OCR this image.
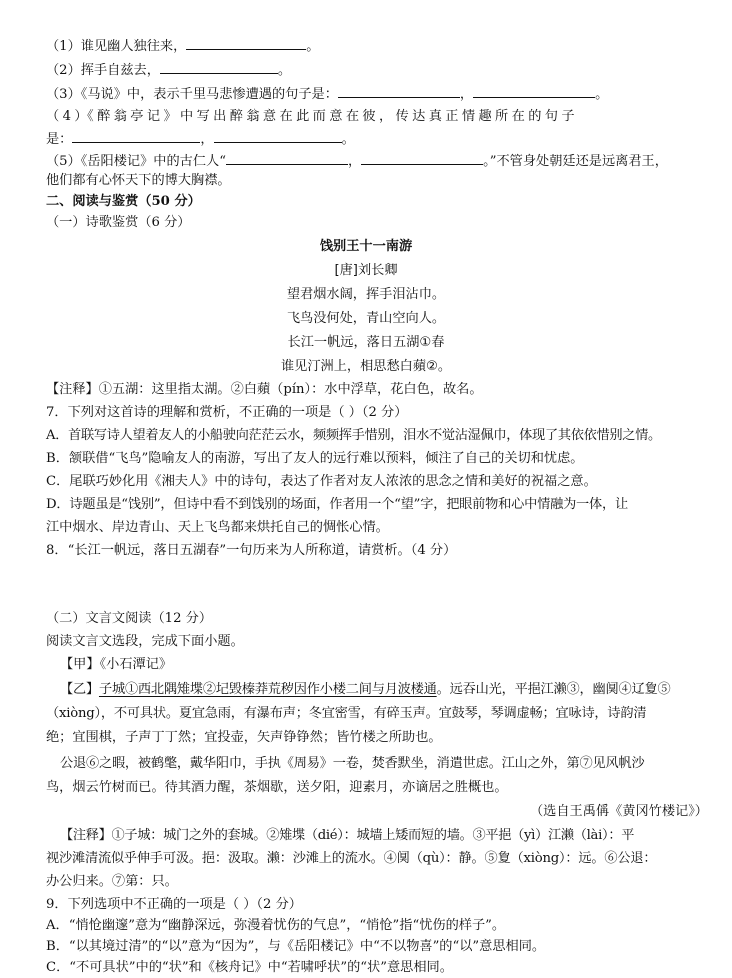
（1）谁见幽人独往来，	。
（2）挥手自兹去，	。
（3）《马说》中，表示千里马悲惨遭遇的句子是：	，	。
（ 4 ）《 醉 翁 亭 记 》 中 写 出 醉 翁 意 在 此 而 意 在 彼 ， 传 达 真 正 情 趣 所 在 的 句 子
是：	，	。
（5）《岳阳楼记》中的古仁人“	，	。”不管身处朝廷还是远离君王，
他们都有心怀天下的博大胸襟。
二、阅读与鉴赏（50 分）
（一）诗歌鉴赏（6 分）
饯别王十一南游
[唐]刘长卿
望君烟水阔，挥手泪沾巾。
飞鸟没何处，青山空向人。
长江一帆远，落日五湖①春
谁见汀洲上，相思愁白蘋②。
【注释】①五湖：这里指太湖。②白蘋（pín）：水中浮草，花白色，故名。
7．下列对这首诗的理解和赏析，不正确的一项是（ ）（2 分）
A．首联写诗人望着友人的小船驶向茫茫云水，频频挥手惜别，泪水不觉沾湿佩巾，体现了其依依惜别之情。
B．颔联借“飞鸟”隐喻友人的南游，写出了友人的远行难以预料，倾注了自己的关切和忧虑。
C．尾联巧妙化用《湘夫人》中的诗句，表达了作者对友人浓浓的思念之情和美好的祝福之意。
D．诗题虽是“饯别”，但诗中看不到饯别的场面，作者用一个“望”字，把眼前物和心中情融为一体，让
江中烟水、岸边青山、天上飞鸟都来烘托自己的惆怅心情。
8．“长江一帆远，落日五湖春”一句历来为人所称道，请赏析。（4 分）
（二）文言文阅读（12 分）
阅读文言文选段，完成下面小题。
【甲】《小石潭记》
【乙】子城①西北隅雉堞②圮毁榛莽荒秽因作小楼二间与月波楼通。远吞山光，平挹江濑③，幽阒④辽夐⑤
（xiòng），不可具状。夏宜急雨，有瀑布声；冬宜密雪，有碎玉声。宜鼓琴，琴调虚畅；宜咏诗，诗韵清
绝；宜围棋，子声丁丁然；宜投壶，矢声铮铮然；皆竹楼之所助也。
公退⑥之暇，被鹤氅，戴华阳巾，手执《周易》一卷，焚香默坐，消遣世虑。江山之外，第⑦见风帆沙
鸟，烟云竹树而已。待其酒力醒，茶烟歇，送夕阳，迎素月，亦谪居之胜概也。
（选自王禹偁《黄冈竹楼记》）
【注释】①子城：城门之外的套城。②雉堞（dié）：城墙上矮而短的墙。③平挹（yì）江濑（lài）：平
视沙滩清流似乎伸手可汲。挹：汲取。濑：沙滩上的流水。④阒（qù）：静。⑤夐（xiòng）：远。⑥公退：
办公归来。⑦第：只。
9．下列选项中不正确的一项是（ ）（2 分）
A．“悄怆幽邃”意为“幽静深远，弥漫着忧伤的气息”，“悄怆”指“忧伤的样子”。
B．“以其境过清”的“以”意为“因为”，与《岳阳楼记》中“不以物喜”的“以”意思相同。
C．“不可具状”中的“状”和《核舟记》中“若啸呼状”的“状”意思相同。
